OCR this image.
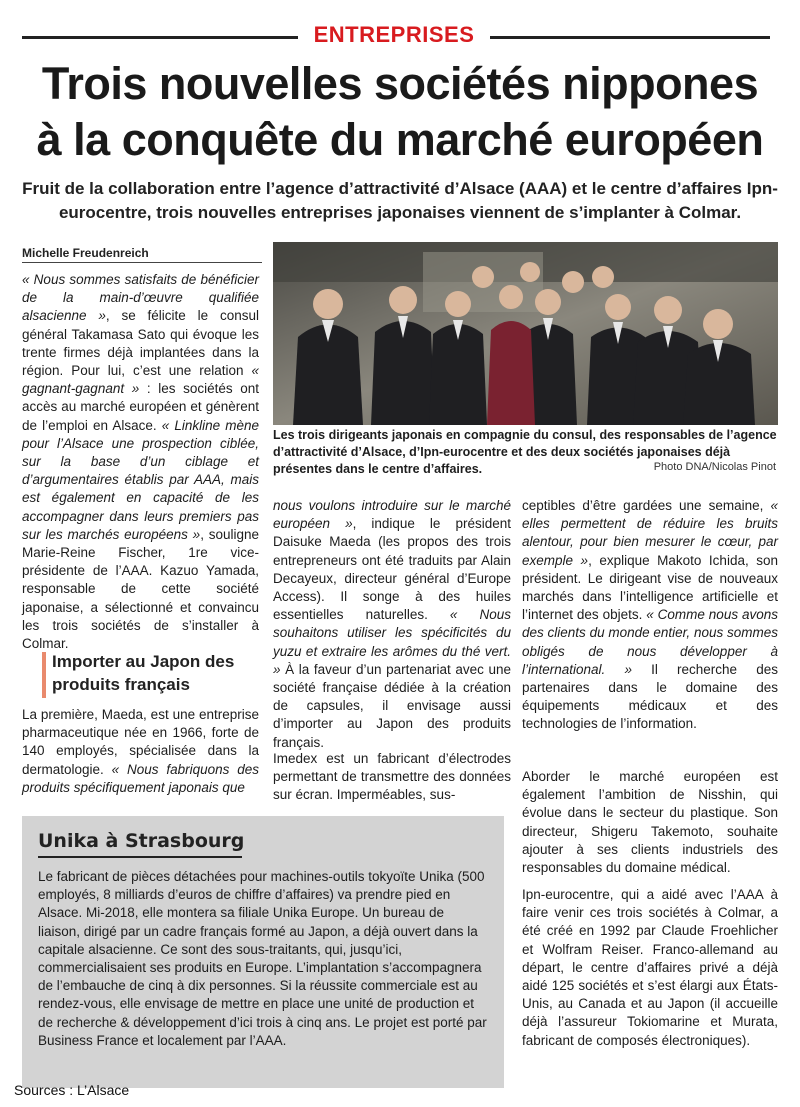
ENTREPRISES
Trois nouvelles sociétés nippones
à la conquête du marché européen
Fruit de la collaboration entre l’agence d’attractivité d’Alsace (AAA) et le centre d’affaires Ipn-eurocentre, trois nouvelles entreprises japonaises viennent de s’implanter à Colmar.
Michelle Freudenreich

« Nous sommes satisfaits de bénéficier de la main-d’œuvre qualifiée alsacienne », se félicite le consul général Takamasa Sato qui évoque les trente firmes déjà implantées dans la région. Pour lui, c’est une relation « gagnant-gagnant » : les sociétés ont accès au marché européen et génèrent de l’emploi en Alsace. « Linkline mène pour l’Alsace une prospection ciblée, sur la base d’un ciblage et d’argumentaires établis par AAA, mais est également en capacité de les accompagner dans leurs premiers pas sur les marchés européens », souligne Marie-Reine Fischer, 1re vice-présidente de l’AAA. Kazuo Yamada, responsable de cette société japonaise, a sélectionné et convaincu les trois sociétés de s’installer à Colmar.

Importer au Japon des produits français

La première, Maeda, est une entreprise pharmaceutique née en 1966, forte de 140 employés, spécialisée dans la dermatologie. « Nous fabriquons des produits spécifiquement japonais que

Les trois dirigeants japonais en compagnie du consul, des responsables de l’agence d’attractivité d’Alsace, d’Ipn-eurocentre et des deux sociétés japonaises déjà présentes dans le centre d’affaires.	Photo DNA/Nicolas Pinot

nous voulons introduire sur le marché européen », indique le président Daisuke Maeda (les propos des trois entrepreneurs ont été traduits par Alain Decayeux, directeur général d’Europe Access). Il songe à des huiles essentielles naturelles. « Nous souhaitons utiliser les spécificités du yuzu et extraire les arômes du thé vert. » À la faveur d’un partenariat avec une société française dédiée à la création de capsules, il envisage aussi d’importer au Japon des produits français.

Imedex est un fabricant d’électrodes permettant de transmettre des données sur écran. Imperméables, sus-

ceptibles d’être gardées une semaine, « elles permettent de réduire les bruits alentour, pour bien mesurer le cœur, par exemple », explique Makoto Ichida, son président. Le dirigeant vise de nouveaux marchés dans l’intelligence artificielle et l’internet des objets. « Comme nous avons des clients du monde entier, nous sommes obligés de nous développer à l’international. » Il recherche des partenaires dans le domaine des équipements médicaux et des technologies de l’information.

Aborder le marché européen est également l’ambition de Nisshin, qui évolue dans le secteur du plastique. Son directeur, Shigeru Takemoto, souhaite ajouter à ses clients industriels des responsables du domaine médical.
Ipn-eurocentre, qui a aidé avec l’AAA à faire venir ces trois sociétés à Colmar, a été créé en 1992 par Claude Froehlicher et Wolfram Reiser. Franco-allemand au départ, le centre d’affaires privé a déjà aidé 125 sociétés et s’est élargi aux États-Unis, au Canada et au Japon (il accueille déjà l’assureur Tokiomarine et Murata, fabricant de composés électroniques).
Unika à Strasbourg
Le fabricant de pièces détachées pour machines-outils tokyoïte Unika (500 employés, 8 milliards d’euros de chiffre d’affaires) va prendre pied en Alsace. Mi-2018, elle montera sa filiale Unika Europe. Un bureau de liaison, dirigé par un cadre français formé au Japon, a déjà ouvert dans la capitale alsacienne. Ce sont des sous-traitants, qui, jusqu’ici, commercialisaient ses produits en Europe. L’implantation s’accompagnera de l’embauche de cinq à dix personnes. Si la réussite commerciale est au rendez-vous, elle envisage de mettre en place une unité de production et de recherche & développement d’ici trois à cinq ans. Le projet est porté par Business France et localement par l’AAA.
Sources : L’Alsace
